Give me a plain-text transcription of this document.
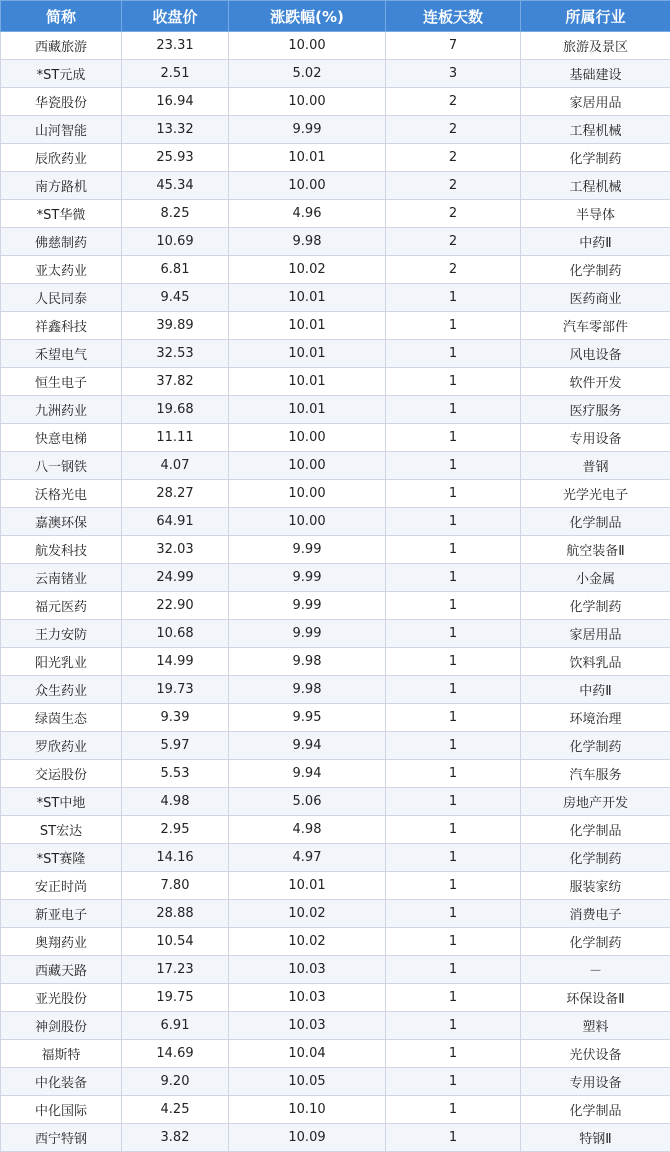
简称	收盘价	涨跌幅(%)	连板天数	所属行业
西藏旅游	23.31	10.00	7	旅游及景区
*ST元成	2.51	5.02	3	基础建设
华瓷股份	16.94	10.00	2	家居用品
山河智能	13.32	9.99	2	工程机械
辰欣药业	25.93	10.01	2	化学制药
南方路机	45.34	10.00	2	工程机械
*ST华微	8.25	4.96	2	半导体
佛慈制药	10.69	9.98	2	中药Ⅱ
亚太药业	6.81	10.02	2	化学制药
人民同泰	9.45	10.01	1	医药商业
祥鑫科技	39.89	10.01	1	汽车零部件
禾望电气	32.53	10.01	1	风电设备
恒生电子	37.82	10.01	1	软件开发
九洲药业	19.68	10.01	1	医疗服务
快意电梯	11.11	10.00	1	专用设备
八一钢铁	4.07	10.00	1	普钢
沃格光电	28.27	10.00	1	光学光电子
嘉澳环保	64.91	10.00	1	化学制品
航发科技	32.03	9.99	1	航空装备Ⅱ
云南锗业	24.99	9.99	1	小金属
福元医药	22.90	9.99	1	化学制药
王力安防	10.68	9.99	1	家居用品
阳光乳业	14.99	9.98	1	饮料乳品
众生药业	19.73	9.98	1	中药Ⅱ
绿茵生态	9.39	9.95	1	环境治理
罗欣药业	5.97	9.94	1	化学制药
交运股份	5.53	9.94	1	汽车服务
*ST中地	4.98	5.06	1	房地产开发
ST宏达	2.95	4.98	1	化学制品
*ST赛隆	14.16	4.97	1	化学制药
安正时尚	7.80	10.01	1	服装家纺
新亚电子	28.88	10.02	1	消费电子
奥翔药业	10.54	10.02	1	化学制药
西藏天路	17.23	10.03	1	－
亚光股份	19.75	10.03	1	环保设备Ⅱ
神剑股份	6.91	10.03	1	塑料
福斯特	14.69	10.04	1	光伏设备
中化装备	9.20	10.05	1	专用设备
中化国际	4.25	10.10	1	化学制品
西宁特钢	3.82	10.09	1	特钢Ⅱ
